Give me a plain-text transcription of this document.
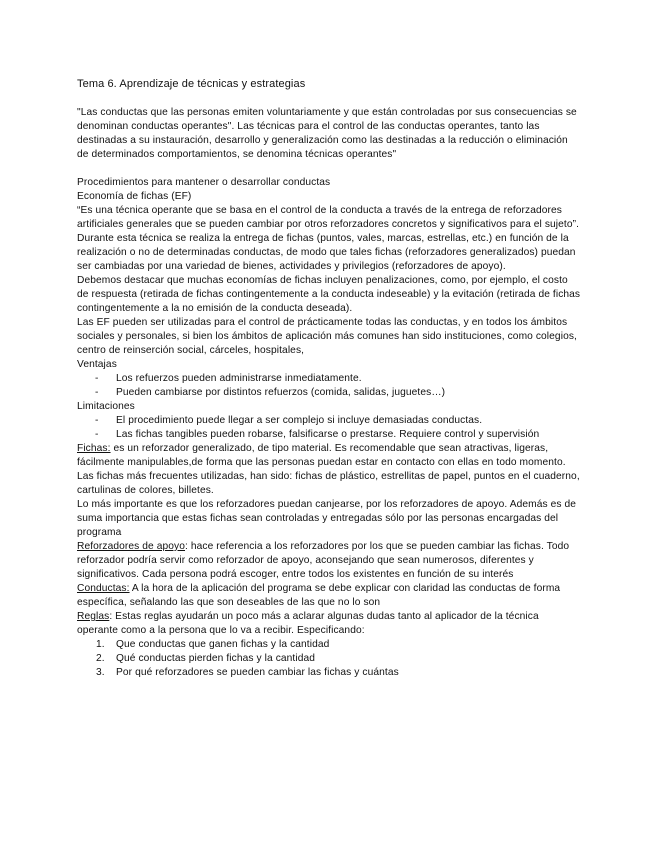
Tema 6. Aprendizaje de técnicas y estrategias

"Las conductas que las personas emiten voluntariamente y que están controladas por sus consecuencias se denominan conductas operantes". Las técnicas para el control de las conductas operantes, tanto las destinadas a su instauración, desarrollo y generalización como las destinadas a la reducción o eliminación de determinados comportamientos, se denomina técnicas operantes"

Procedimientos para mantener o desarrollar conductas

Economía de fichas (EF)

“Es una técnica operante que se basa en el control de la conducta a través de la entrega de reforzadores artificiales generales que se pueden cambiar por otros reforzadores concretos y significativos para el sujeto”.

Durante esta técnica se realiza la entrega de fichas (puntos, vales, marcas, estrellas, etc.) en función de la realización o no de determinadas conductas, de modo que tales fichas (reforzadores generalizados) puedan ser cambiadas por una variedad de bienes, actividades y privilegios (reforzadores de apoyo).

Debemos destacar que muchas economías de fichas incluyen penalizaciones, como, por ejemplo, el costo de respuesta (retirada de fichas contingentemente a la conducta indeseable) y la evitación (retirada de fichas contingentemente a la no emisión de la conducta deseada).

Las EF pueden ser utilizadas para el control de prácticamente todas las conductas, y en todos los ámbitos sociales y personales, si bien los ámbitos de aplicación más comunes han sido instituciones, como colegios, centro de reinserción social, cárceles, hospitales,

Ventajas

- Los refuerzos pueden administrarse inmediatamente.
- Pueden cambiarse por distintos refuerzos (comida, salidas, juguetes…)

Limitaciones

- El procedimiento puede llegar a ser complejo si incluye demasiadas conductas.
- Las fichas tangibles pueden robarse, falsificarse o prestarse. Requiere control y supervisión

Fichas: es un reforzador generalizado, de tipo material. Es recomendable que sean atractivas, ligeras, fácilmente manipulables,de forma que las personas puedan estar en contacto con ellas en todo momento.

Las fichas más frecuentes utilizadas, han sido: fichas de plástico, estrellitas de papel, puntos en el cuaderno, cartulinas de colores, billetes.

Lo más importante es que los reforzadores puedan canjearse, por los reforzadores de apoyo. Además es de suma importancia que estas fichas sean controladas y entregadas sólo por las personas encargadas del programa

Reforzadores de apoyo: hace referencia a los reforzadores por los que se pueden cambiar las fichas. Todo reforzador podría servir como reforzador de apoyo, aconsejando que sean numerosos, diferentes y significativos. Cada persona podrá escoger, entre todos los existentes en función de su interés

Conductas: A la hora de la aplicación del programa se debe explicar con claridad las conductas de forma específica, señalando las que son deseables de las que no lo son

Reglas: Estas reglas ayudarán un poco más a aclarar algunas dudas tanto al aplicador de la técnica operante como a la persona que lo va a recibir. Especificando:

1. Que conductas que ganen fichas y la cantidad
2. Qué conductas pierden fichas y la cantidad
3. Por qué reforzadores se pueden cambiar las fichas y cuántas
